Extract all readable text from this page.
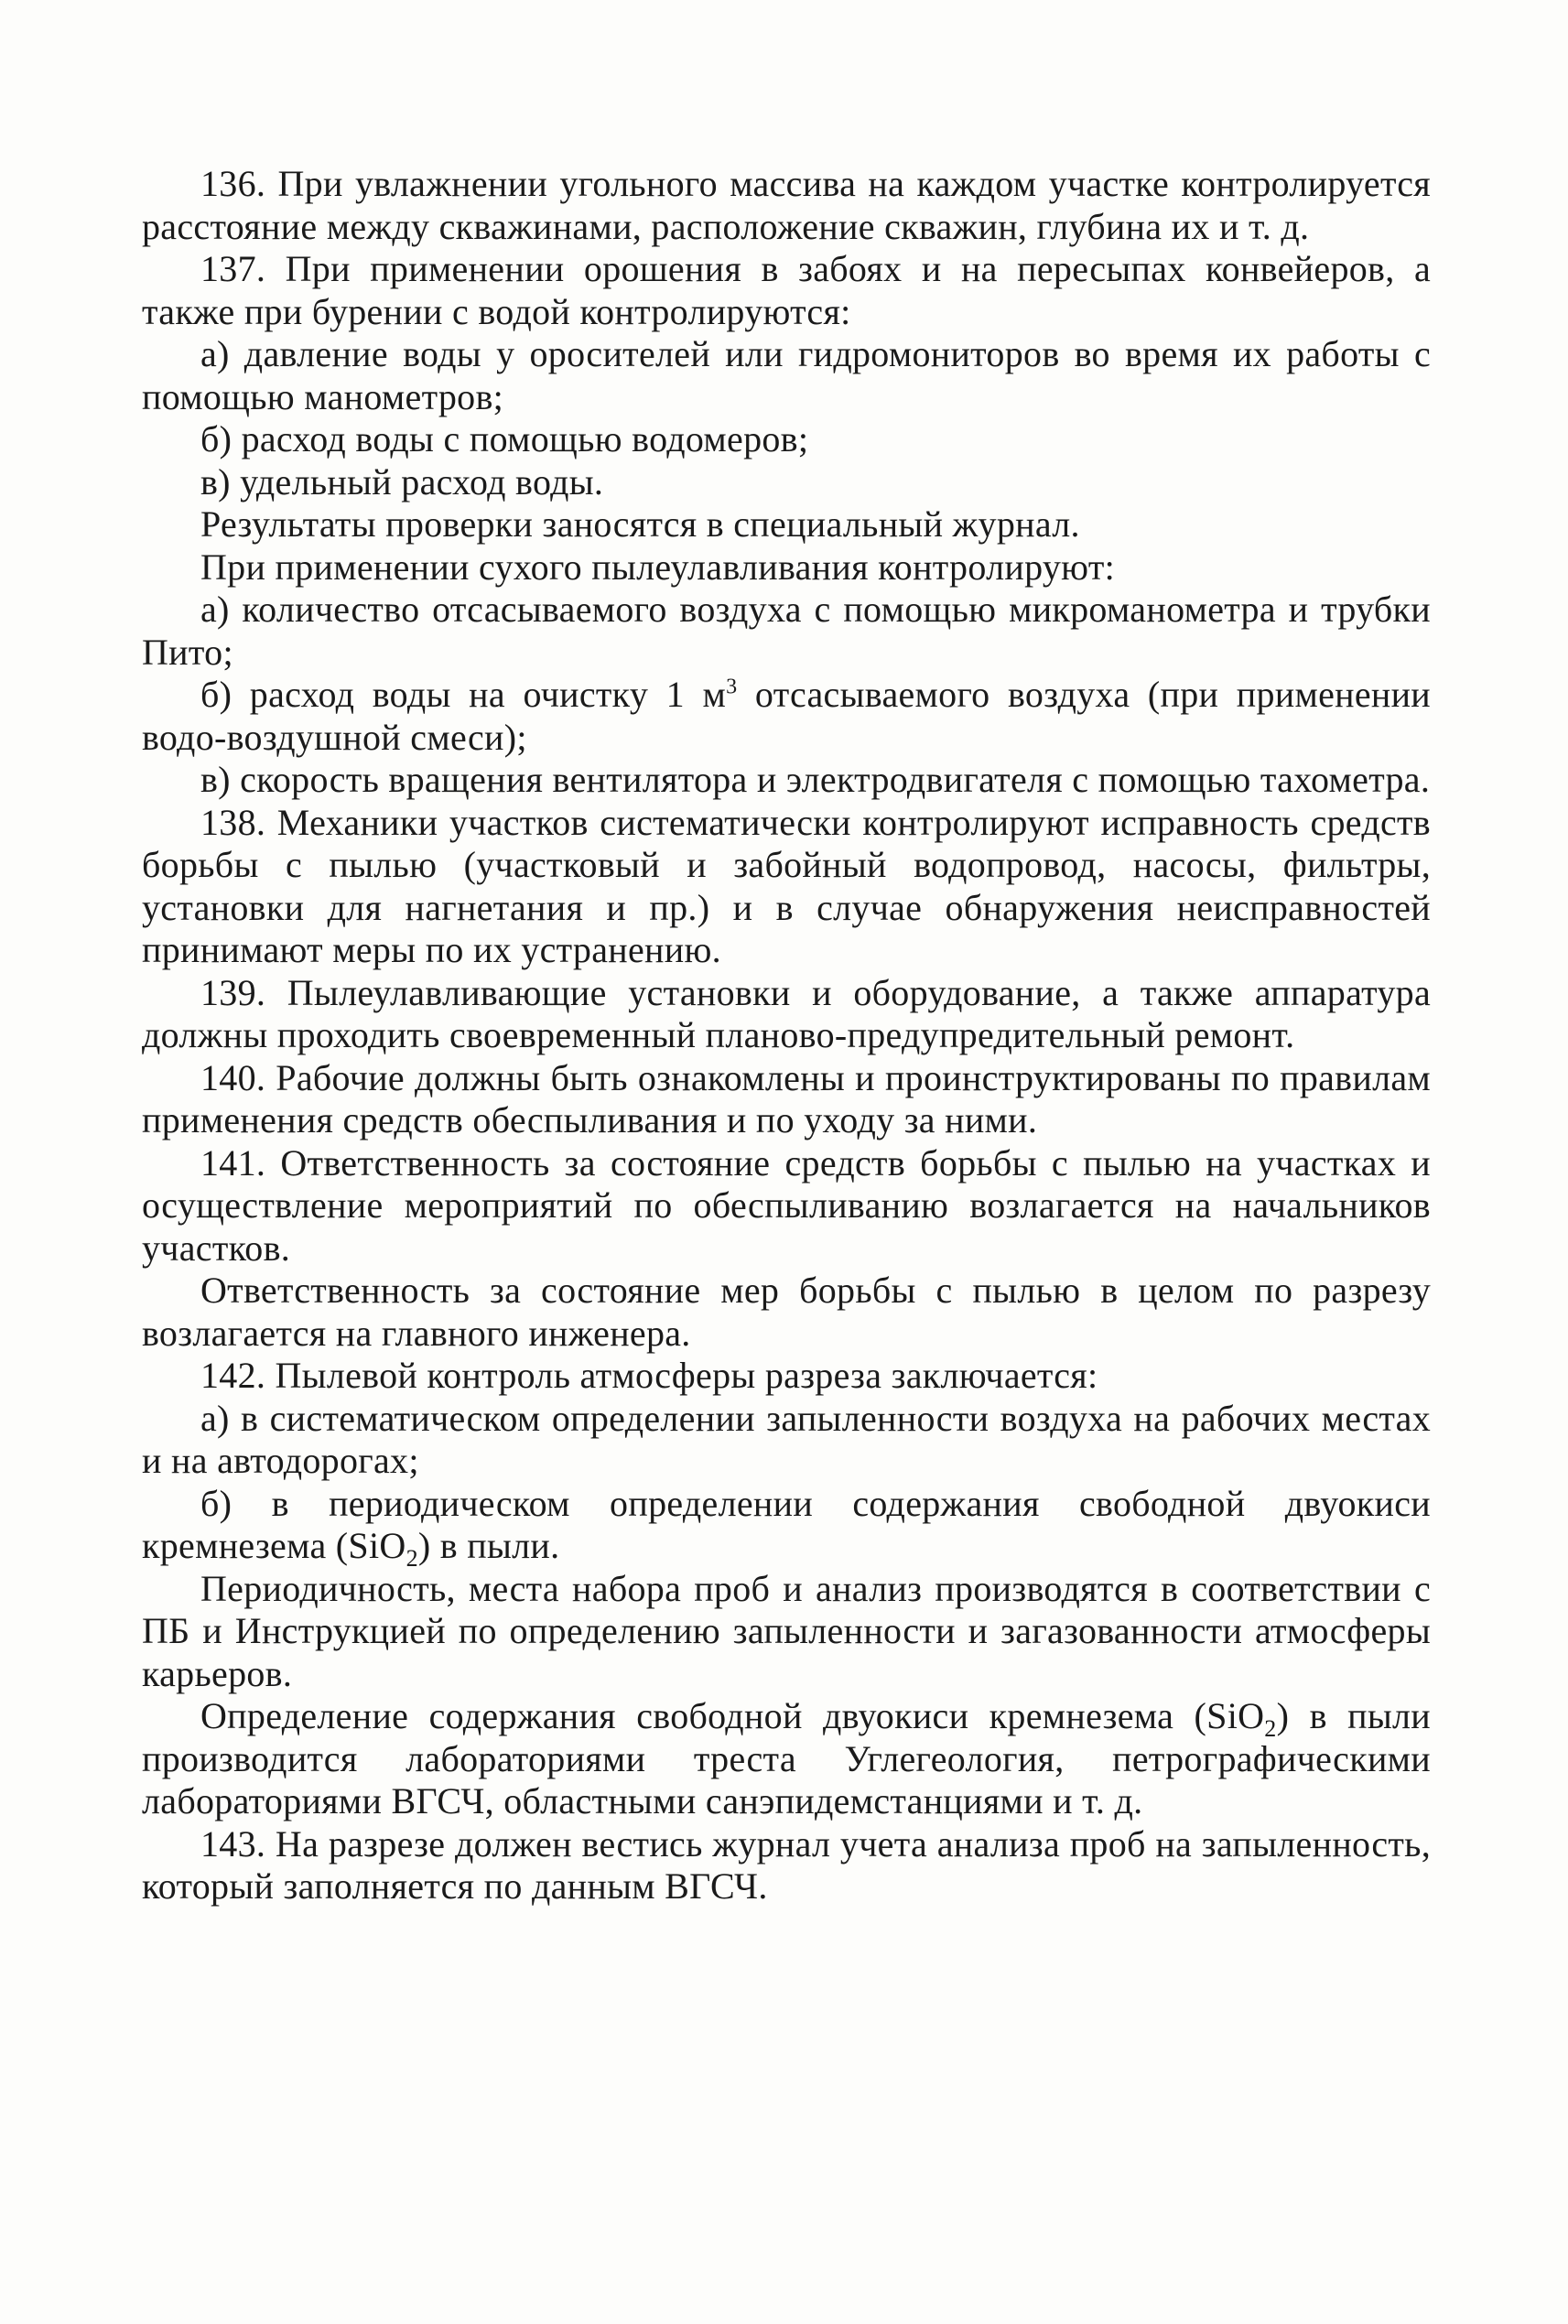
136. При увлажнении угольного массива на каждом участке контролируется расстояние между скважинами, расположение скважин, глубина их и т. д.

137. При применении орошения в забоях и на пересыпах конвейеров, а также при бурении с водой контролируются:

а) давление воды у оросителей или гидромониторов во время их работы с помощью манометров;

б) расход воды с помощью водомеров;

в) удельный расход воды.

Результаты проверки заносятся в специальный журнал.

При применении сухого пылеулавливания контролируют:

а) количество отсасываемого воздуха с помощью микроманометра и трубки Пито;

б) расход воды на очистку 1 $м^3$ отсасываемого воздуха (при применении водо-воздушной смеси);

в) скорость вращения вентилятора и электродвигателя с помощью тахометра.

138. Механики участков систематически контролируют исправность средств борьбы с пылью (участковый и забойный водопровод, насосы, фильтры, установки для нагнетания и пр.) и в случае обнаружения неисправностей принимают меры по их устранению.

139. Пылеулавливающие установки и оборудование, а также аппаратура должны проходить своевременный планово-предупредительный ремонт.

140. Рабочие должны быть ознакомлены и проинструктированы по правилам применения средств обеспыливания и по уходу за ними.

141. Ответственность за состояние средств борьбы с пылью на участках и осуществление мероприятий по обеспыливанию возлагается на начальников участков.

Ответственность за состояние мер борьбы с пылью в целом по разрезу возлагается на главного инженера.

142. Пылевой контроль атмосферы разреза заключается:

а) в систематическом определении запыленности воздуха на рабочих местах и на автодорогах;

б) в периодическом определении содержания свободной двуокиси кремнезема (SiO$_2$) в пыли.

Периодичность, места набора проб и анализ производятся в соответствии с ПБ и Инструкцией по определению запыленности и загазованности атмосферы карьеров.

Определение содержания свободной двуокиси кремнезема (SiO$_2$) в пыли производится лабораториями треста Углегеология, петрографическими лабораториями ВГСЧ, областными санэпидемстанциями и т. д.

143. На разрезе должен вестись журнал учета анализа проб на запыленность, который заполняется по данным ВГСЧ.
